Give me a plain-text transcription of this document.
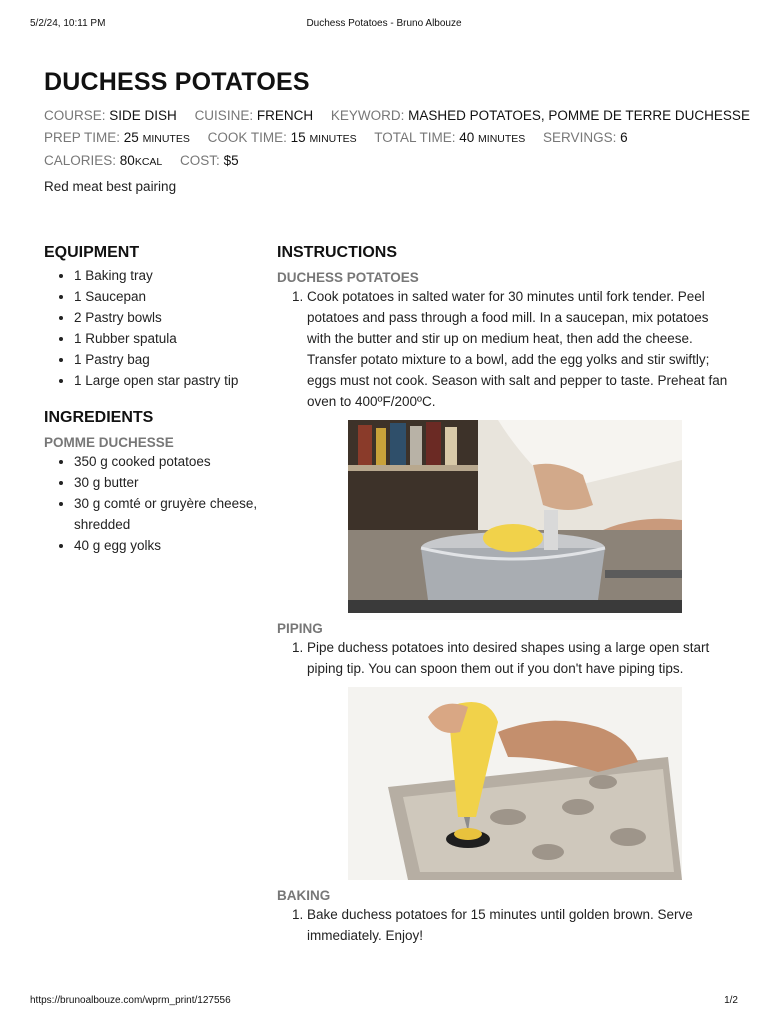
5/2/24, 10:11 PM	Duchess Potatoes - Bruno Albouze
DUCHESS POTATOES
COURSE: SIDE DISH CUISINE: FRENCH KEYWORD: MASHED POTATOES, POMME DE TERRE DUCHESSE
PREP TIME: 25 MINUTES COOK TIME: 15 MINUTES TOTAL TIME: 40 MINUTES SERVINGS: 6
CALORIES: 80KCAL COST: $5
Red meat best pairing
EQUIPMENT
• 1 Baking tray
• 1 Saucepan
• 2 Pastry bowls
• 1 Rubber spatula
• 1 Pastry bag
• 1 Large open star pastry tip
INGREDIENTS
POMME DUCHESSE
• 350 g cooked potatoes
• 30 g butter
• 30 g comté or gruyère cheese, shredded
• 40 g egg yolks
INSTRUCTIONS
DUCHESS POTATOES
1. Cook potatoes in salted water for 30 minutes until fork tender. Peel potatoes and pass through a food mill. In a saucepan, mix potatoes with the butter and stir up on medium heat, then add the cheese. Transfer potato mixture to a bowl, add the egg yolks and stir swiftly; eggs must not cook. Season with salt and pepper to taste. Preheat fan oven to 400ºF/200ºC.
PIPING
1. Pipe duchess potatoes into desired shapes using a large open start piping tip. You can spoon them out if you don't have piping tips.
BAKING
1. Bake duchess potatoes for 15 minutes until golden brown. Serve immediately. Enjoy!
https://brunoalbouze.com/wprm_print/127556	1/2
